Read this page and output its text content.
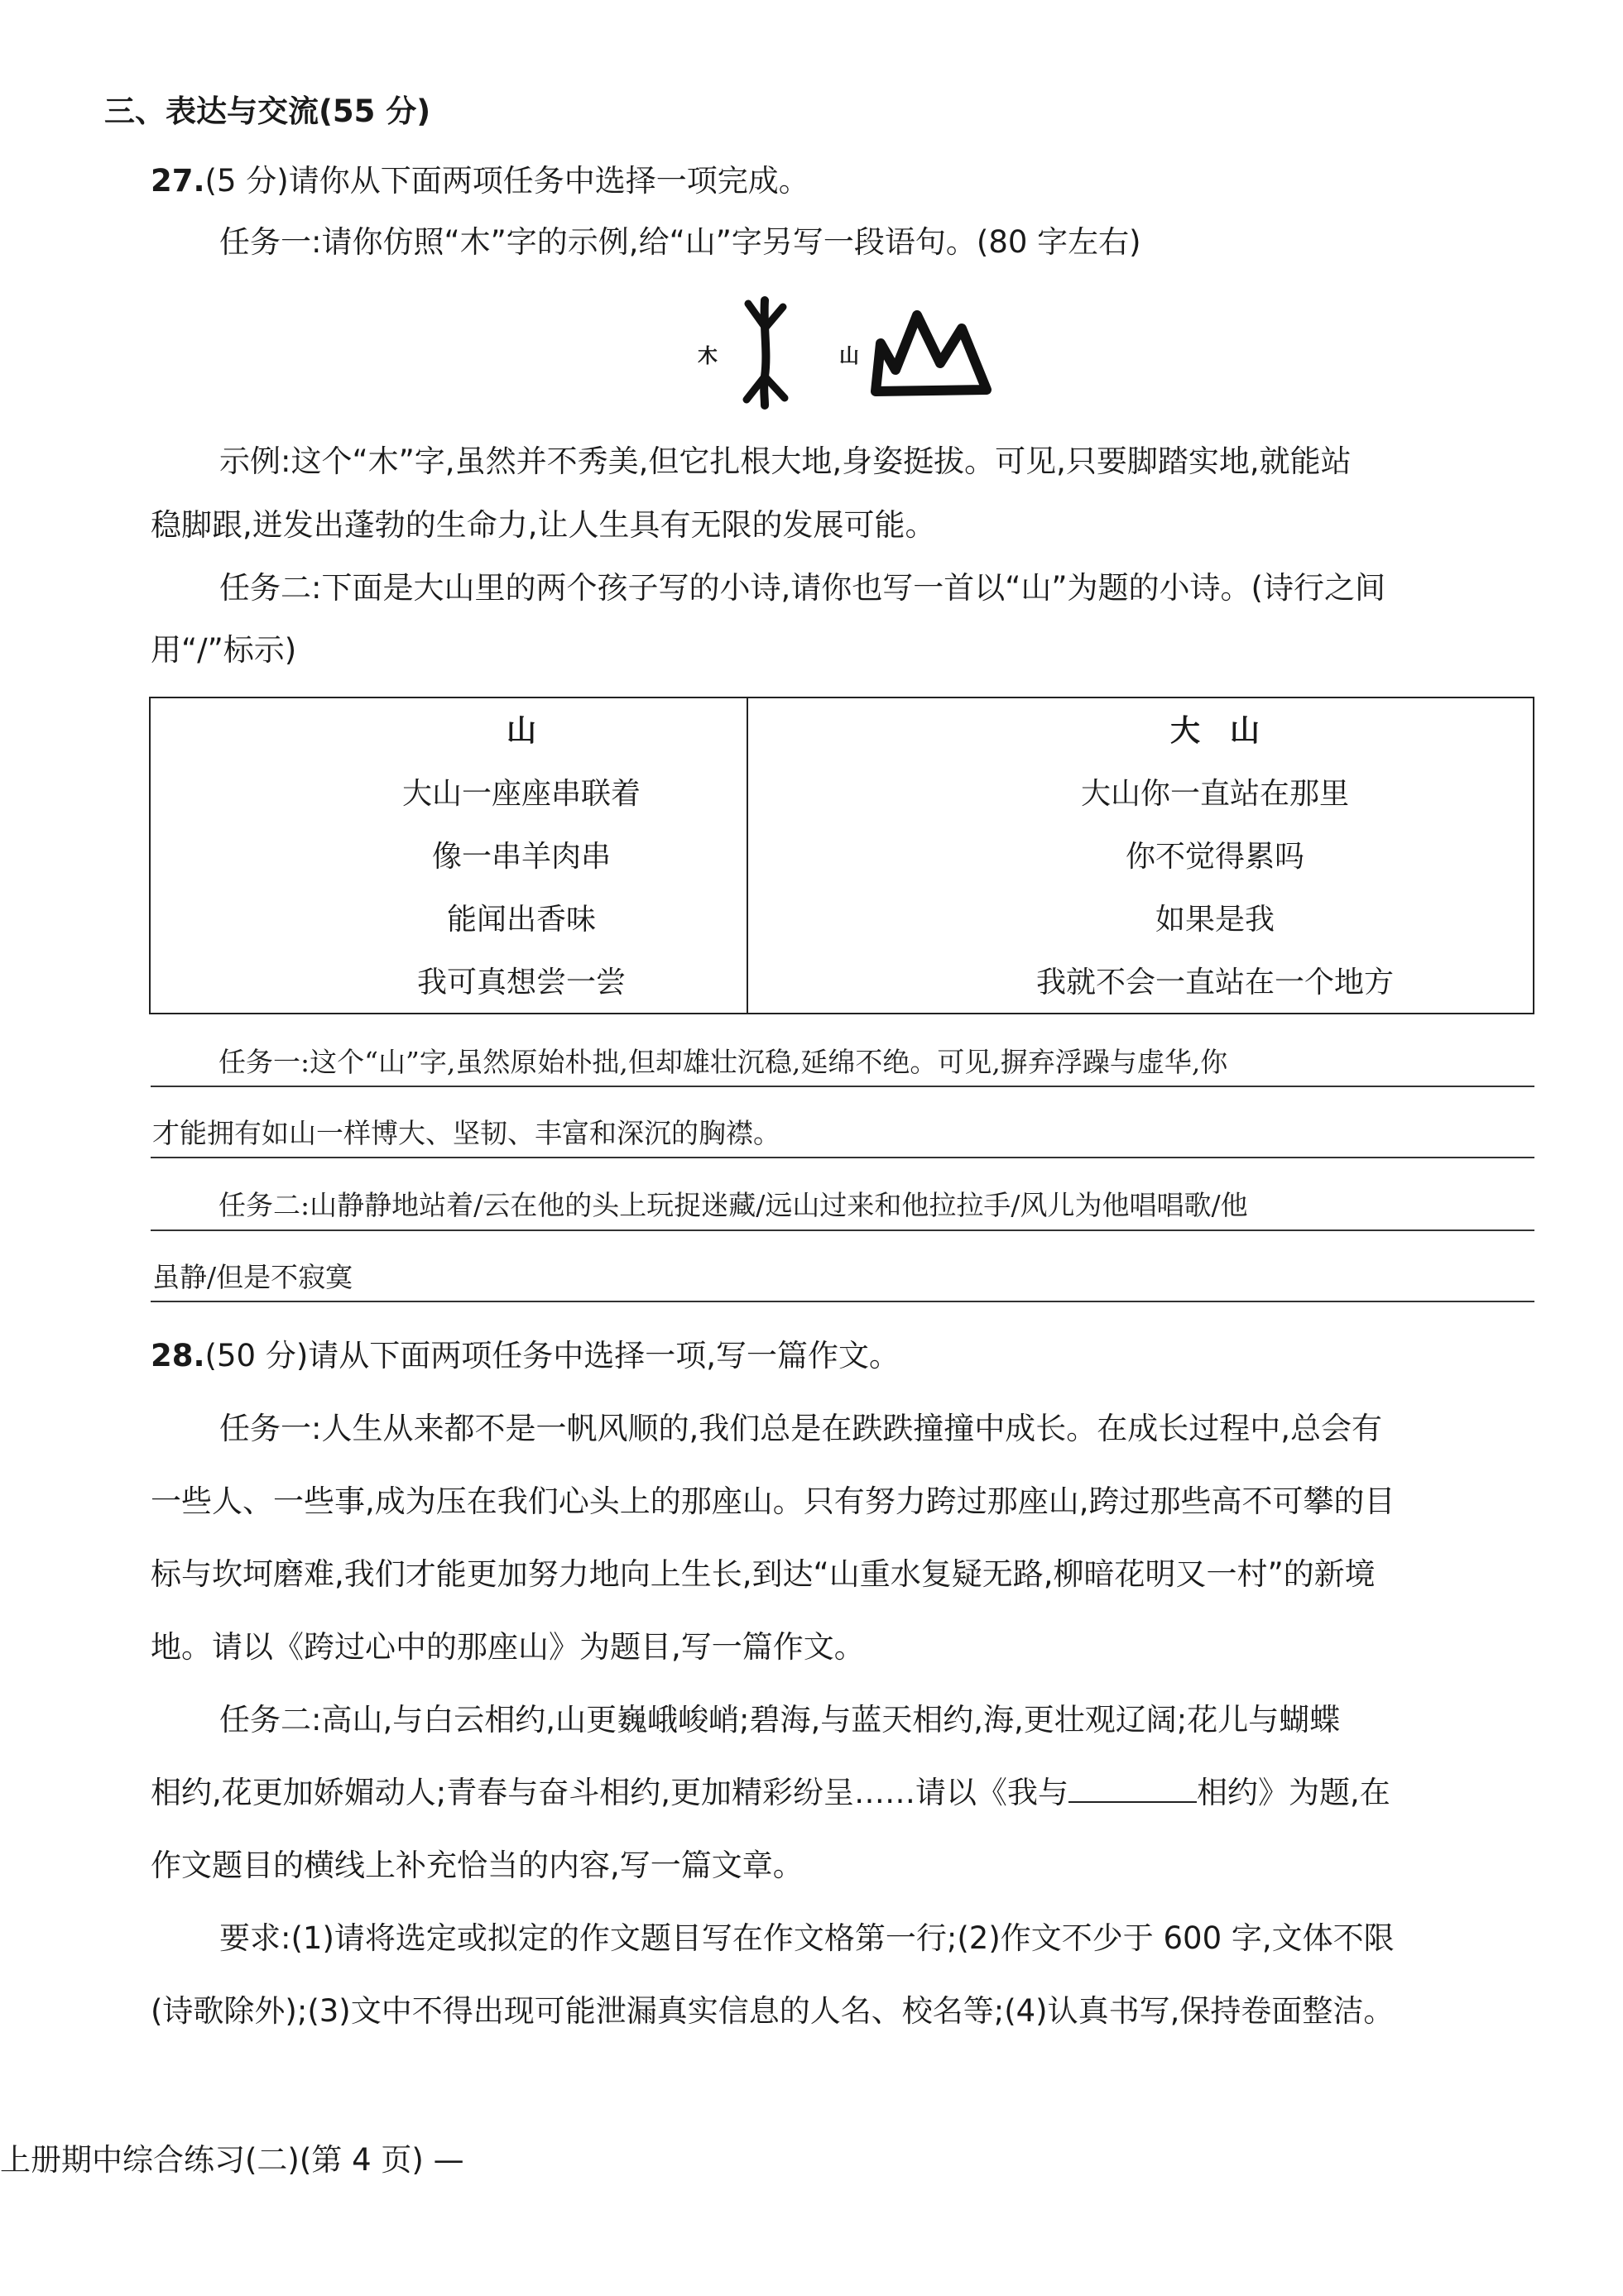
三、表达与交流(55 分)
27.(5 分)请你从下面两项任务中选择一项完成。
任务一:请你仿照“木”字的示例,给“山”字另写一段语句。(80 字左右)
木	山
示例:这个“木”字,虽然并不秀美,但它扎根大地,身姿挺拔。可见,只要脚踏实地,就能站
稳脚跟,迸发出蓬勃的生命力,让人生具有无限的发展可能。
任务二:下面是大山里的两个孩子写的小诗,请你也写一首以“山”为题的小诗。(诗行之间
用“/”标示)
山
大山一座座串联着
像一串羊肉串
能闻出香味
我可真想尝一尝
大　山
大山你一直站在那里
你不觉得累吗
如果是我
我就不会一直站在一个地方
任务一:这个“山”字,虽然原始朴拙,但却雄壮沉稳,延绵不绝。可见,摒弃浮躁与虚华,你
才能拥有如山一样博大、坚韧、丰富和深沉的胸襟。
任务二:山静静地站着/云在他的头上玩捉迷藏/远山过来和他拉拉手/风儿为他唱唱歌/他
虽静/但是不寂寞
28.(50 分)请从下面两项任务中选择一项,写一篇作文。
任务一:人生从来都不是一帆风顺的,我们总是在跌跌撞撞中成长。在成长过程中,总会有
一些人、一些事,成为压在我们心头上的那座山。只有努力跨过那座山,跨过那些高不可攀的目
标与坎坷磨难,我们才能更加努力地向上生长,到达“山重水复疑无路,柳暗花明又一村”的新境
地。请以《跨过心中的那座山》为题目,写一篇作文。
任务二:高山,与白云相约,山更巍峨峻峭;碧海,与蓝天相约,海,更壮观辽阔;花儿与蝴蝶
相约,花更加娇媚动人;青春与奋斗相约,更加精彩纷呈……请以《我与	相约》为题,在
作文题目的横线上补充恰当的内容,写一篇文章。
要求:(1)请将选定或拟定的作文题目写在作文格第一行;(2)作文不少于 600 字,文体不限
(诗歌除外);(3)文中不得出现可能泄漏真实信息的人名、校名等;(4)认真书写,保持卷面整洁。
上册期中综合练习(二)(第 4 页) —
